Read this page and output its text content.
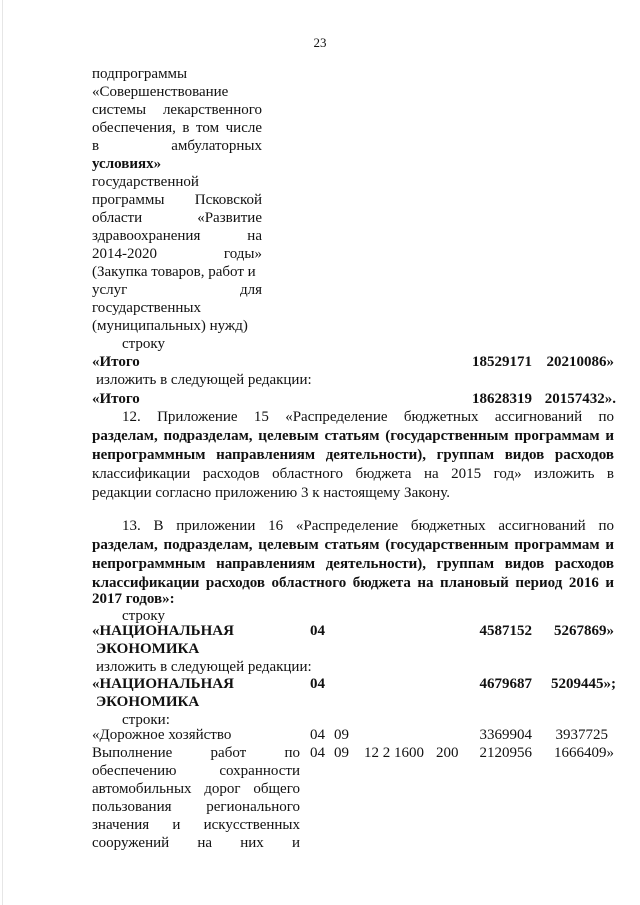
23
подпрограммы
«Совершенствование
системы лекарственного
обеспечения, в том числе
в амбулаторных
условиях»
государственной
программы Псковской
области «Развитие
здравоохранения на
2014-2020 годы»
(Закупка товаров, работ и
услуг для
государственных
(муниципальных) нужд)
строку
«Итого	18529171 20210086»
изложить в следующей редакции:
«Итого	18628319 20157432».
12. Приложение 15 «Распределение бюджетных ассигнований по
разделам, подразделам, целевым статьям (государственным программам и
непрограммным направлениям деятельности), группам видов расходов
классификации расходов областного бюджета на 2015 год» изложить в
редакции согласно приложению 3 к настоящему Закону.
13. В приложении 16 «Распределение бюджетных ассигнований по
разделам, подразделам, целевым статьям (государственным программам и
непрограммным направлениям деятельности), группам видов расходов
классификации расходов областного бюджета на плановый период 2016 и
2017 годов»:
строку
«НАЦИОНАЛЬНАЯ
ЭКОНОМИКА
04	4587152	5267869»
изложить в следующей редакции:
«НАЦИОНАЛЬНАЯ
ЭКОНОМИКА
04	4679687	5209445»;
строки:
«Дорожное хозяйство	04 09	3369904	3937725
Выполнение работ по
обеспечению сохранности
автомобильных дорог общего
пользования регионального
значения и искусственных
сооружений на них и
04 09 12 2 1600 200	2120956	1666409»
